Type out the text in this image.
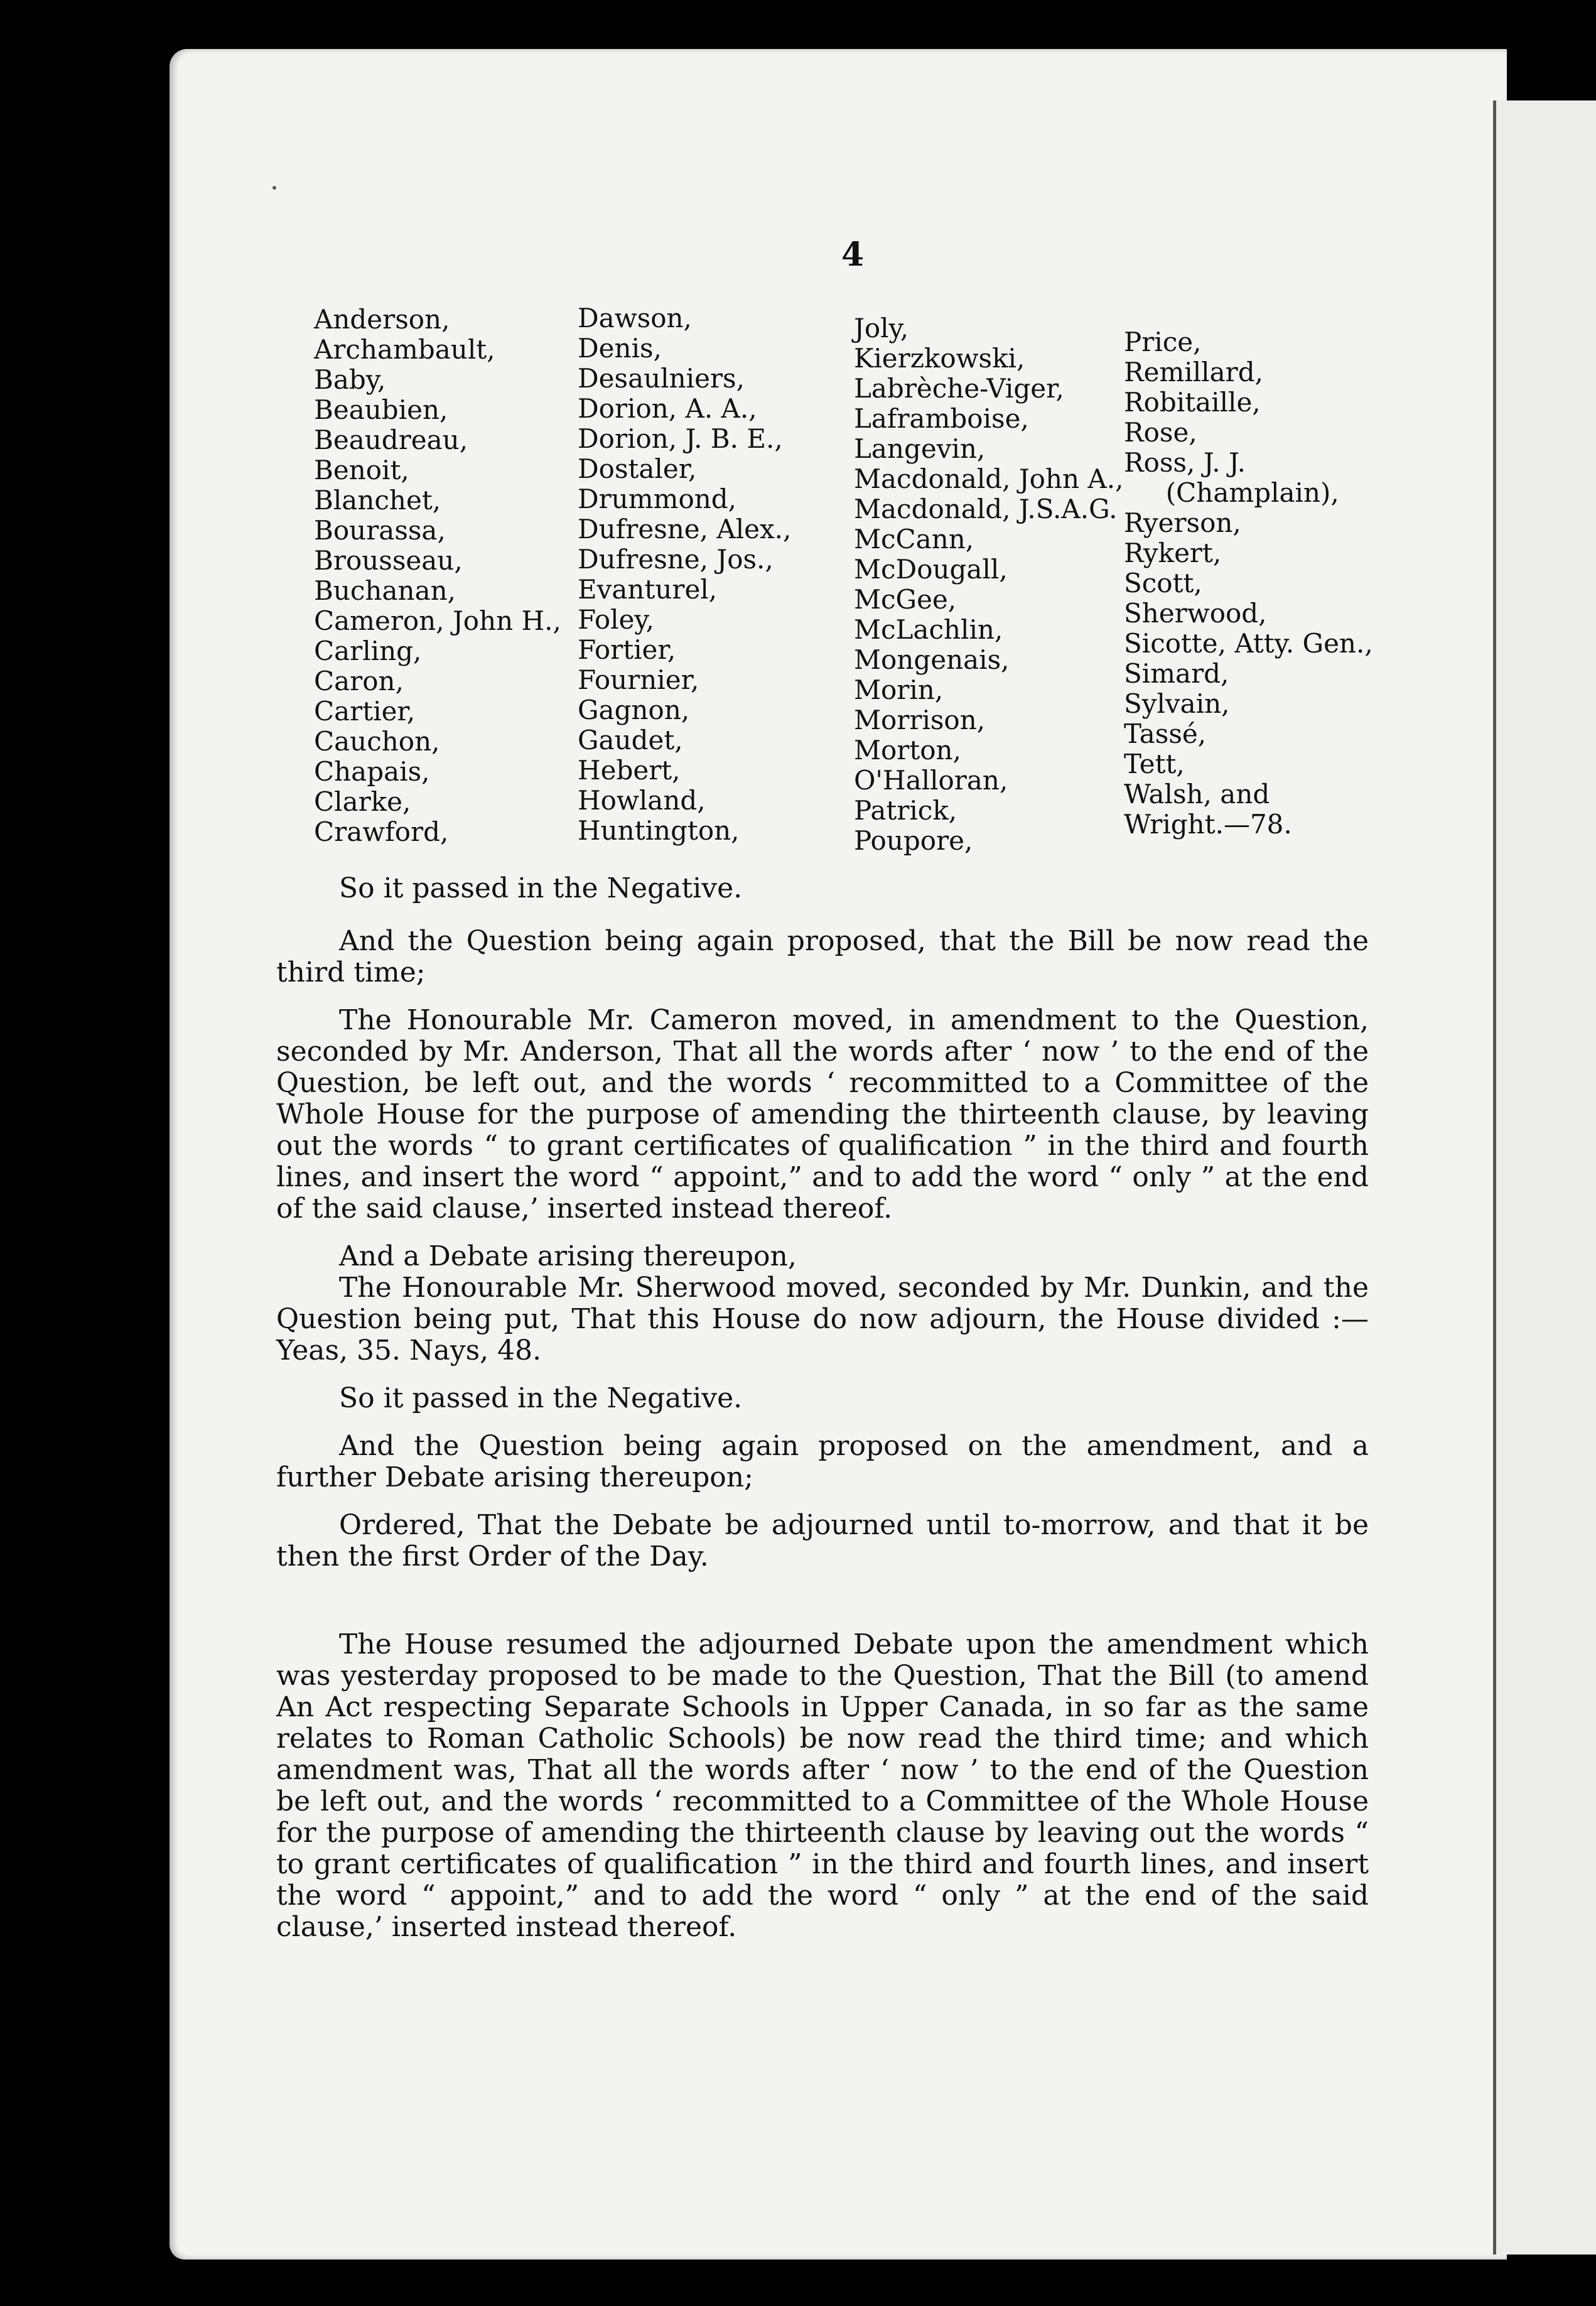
4
Anderson,
Archambault,
Baby,
Beaubien,
Beaudreau,
Benoit,
Blanchet,
Bourassa,
Brousseau,
Buchanan,
Cameron, John H.,
Carling,
Caron,
Cartier,
Cauchon,
Chapais,
Clarke,
Crawford,
Dawson,
Denis,
Desaulniers,
Dorion, A. A.,
Dorion, J. B. E.,
Dostaler,
Drummond,
Dufresne, Alex.,
Dufresne, Jos.,
Evanturel,
Foley,
Fortier,
Fournier,
Gagnon,
Gaudet,
Hebert,
Howland,
Huntington,
Joly,
Kierzkowski,
Labrèche-Viger,
Laframboise,
Langevin,
Macdonald, John A.,
Macdonald, J.S.A.G.
McCann,
McDougall,
McGee,
McLachlin,
Mongenais,
Morin,
Morrison,
Morton,
O'Halloran,
Patrick,
Poupore,
Price,
Remillard,
Robitaille,
Rose,
Ross, J. J.
(Champlain),
Ryerson,
Rykert,
Scott,
Sherwood,
Sicotte, Atty. Gen.,
Simard,
Sylvain,
Tassé,
Tett,
Walsh, and
Wright.—78.

So it passed in the Negative.

And the Question being again proposed, that the Bill be now read the third time;

The Honourable Mr. Cameron moved, in amendment to the Question, seconded by Mr. Anderson, That all the words after ‘ now ’ to the end of the Question, be left out, and the words ‘ recommitted to a Committee of the Whole House for the purpose of amending the thirteenth clause, by leaving out the words “ to grant certificates of qualification ” in the third and fourth lines, and insert the word “ appoint,” and to add the word “ only ” at the end of the said clause,’ inserted instead thereof.

And a Debate arising thereupon,

The Honourable Mr. Sherwood moved, seconded by Mr. Dunkin, and the Question being put, That this House do now adjourn, the House divided :— Yeas, 35. Nays, 48.

So it passed in the Negative.

And the Question being again proposed on the amendment, and a further Debate arising thereupon;

Ordered, That the Debate be adjourned until to-morrow, and that it be then the first Order of the Day.

The House resumed the adjourned Debate upon the amendment which was yesterday proposed to be made to the Question, That the Bill (to amend An Act respecting Separate Schools in Upper Canada, in so far as the same relates to Roman Catholic Schools) be now read the third time; and which amendment was, That all the words after ‘ now ’ to the end of the Question be left out, and the words ‘ recommitted to a Committee of the Whole House for the purpose of amending the thirteenth clause by leaving out the words “ to grant certificates of qualification ” in the third and fourth lines, and insert the word “ appoint,” and to add the word “ only ” at the end of the said clause,’ inserted instead thereof.
